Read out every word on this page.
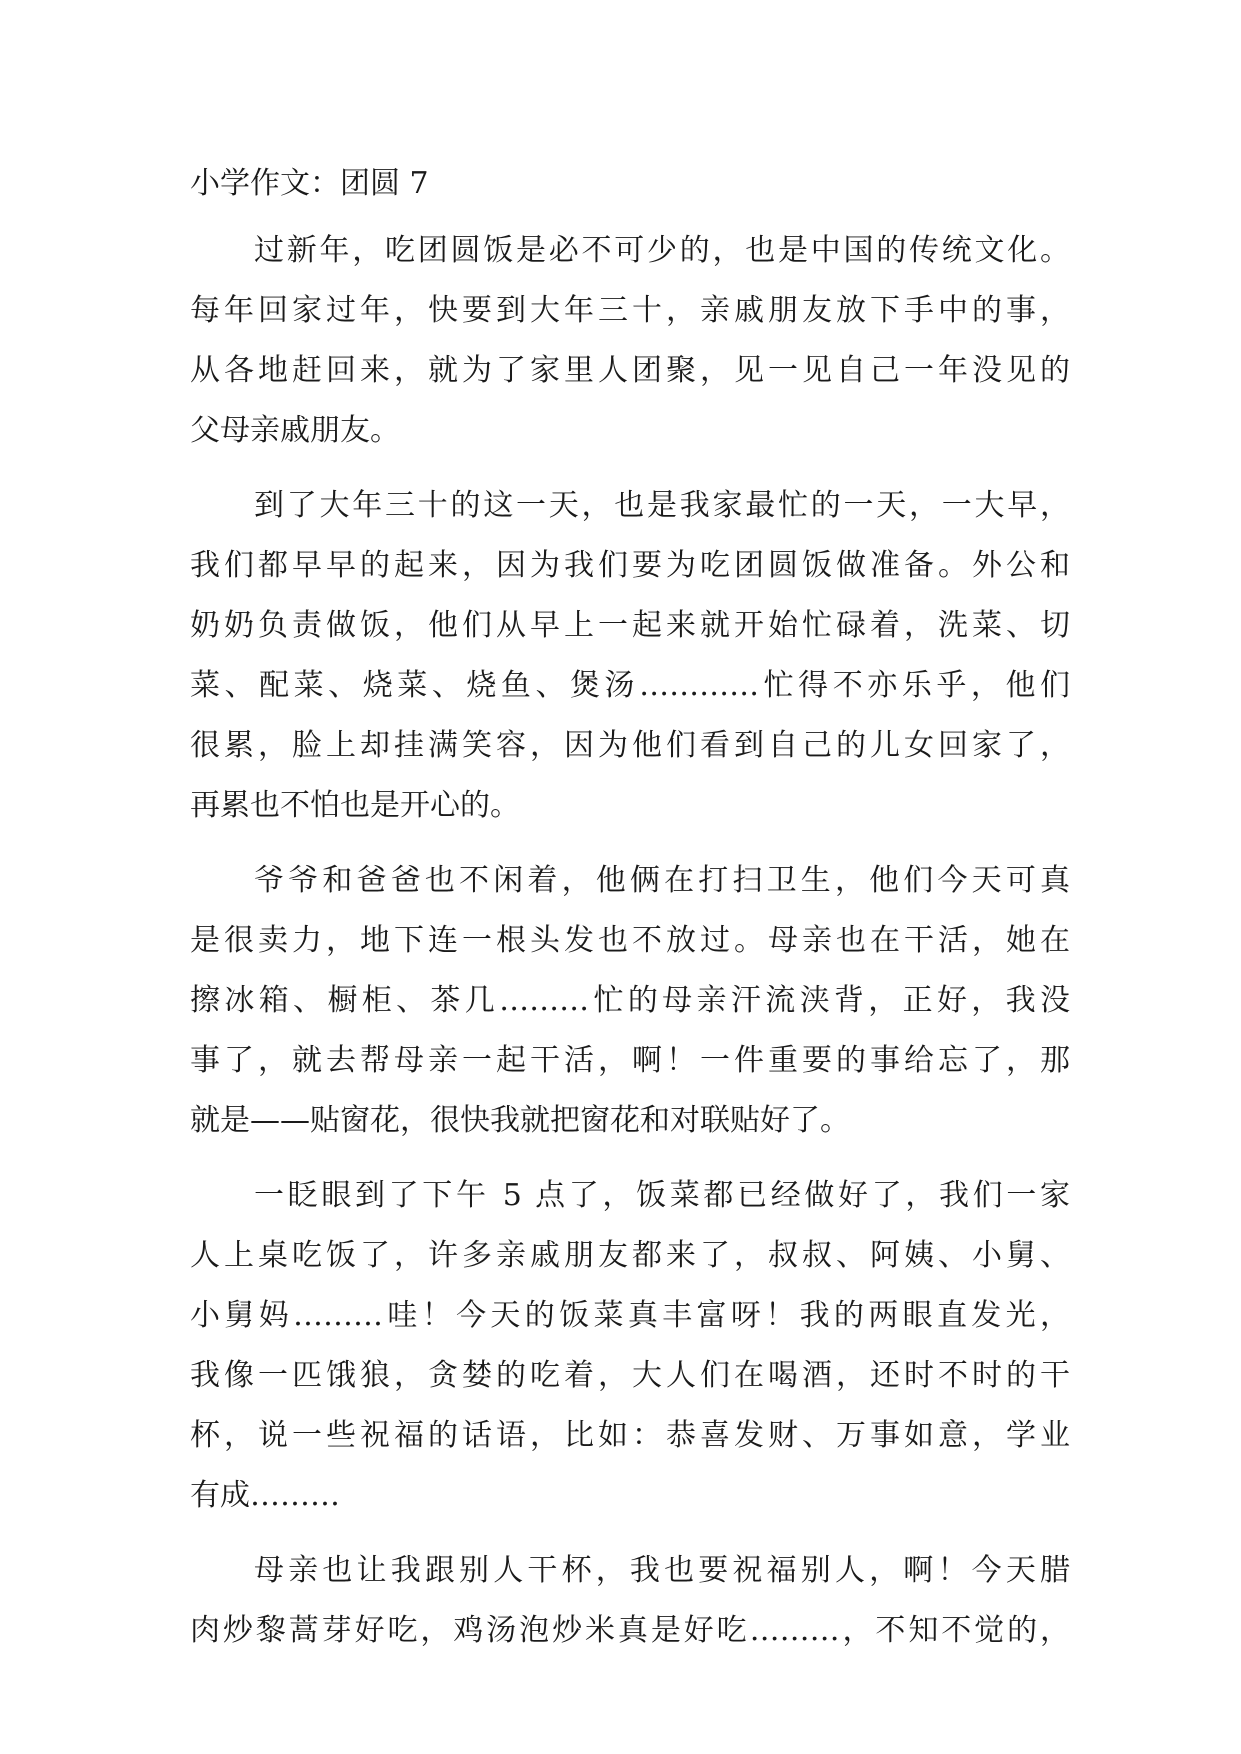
小学作文：团圆 7
过新年，吃团圆饭是必不可少的，也是中国的传统文化。
每年回家过年，快要到大年三十，亲戚朋友放下手中的事，
从各地赶回来，就为了家里人团聚，见一见自己一年没见的
父母亲戚朋友。
到了大年三十的这一天，也是我家最忙的一天，一大早，
我们都早早的起来，因为我们要为吃团圆饭做准备。外公和
奶奶负责做饭，他们从早上一起来就开始忙碌着，洗菜、切
菜、配菜、烧菜、烧鱼、煲汤…………忙得不亦乐乎，他们
很累，脸上却挂满笑容，因为他们看到自己的儿女回家了，
再累也不怕也是开心的。
爷爷和爸爸也不闲着，他俩在打扫卫生，他们今天可真
是很卖力，地下连一根头发也不放过。母亲也在干活，她在
擦冰箱、橱柜、茶几………忙的母亲汗流浃背，正好，我没
事了，就去帮母亲一起干活，啊！一件重要的事给忘了，那
就是——贴窗花，很快我就把窗花和对联贴好了。
一眨眼到了下午 5 点了，饭菜都已经做好了，我们一家
人上桌吃饭了，许多亲戚朋友都来了，叔叔、阿姨、小舅、
小舅妈………哇！今天的饭菜真丰富呀！我的两眼直发光，
我像一匹饿狼，贪婪的吃着，大人们在喝酒，还时不时的干
杯，说一些祝福的话语，比如：恭喜发财、万事如意，学业
有成………
母亲也让我跟别人干杯，我也要祝福别人，啊！今天腊
肉炒黎蒿芽好吃，鸡汤泡炒米真是好吃………，不知不觉的，
